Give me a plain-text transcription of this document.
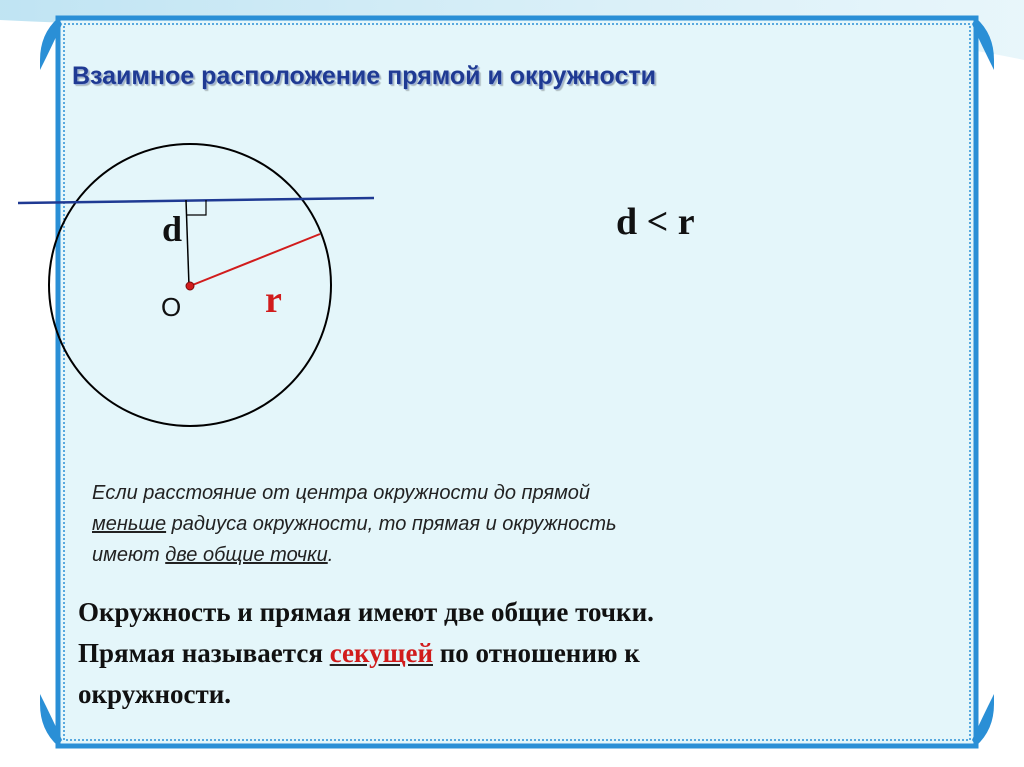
Взаимное расположение прямой и окружности
d
O r
d < r

Если расстояние от центра окружности до прямой
меньше радиуса окружности, то прямая и окружность
имеют две общие точки.

Окружность и прямая имеют две общие точки.
Прямая называется секущей по отношению к
окружности.
